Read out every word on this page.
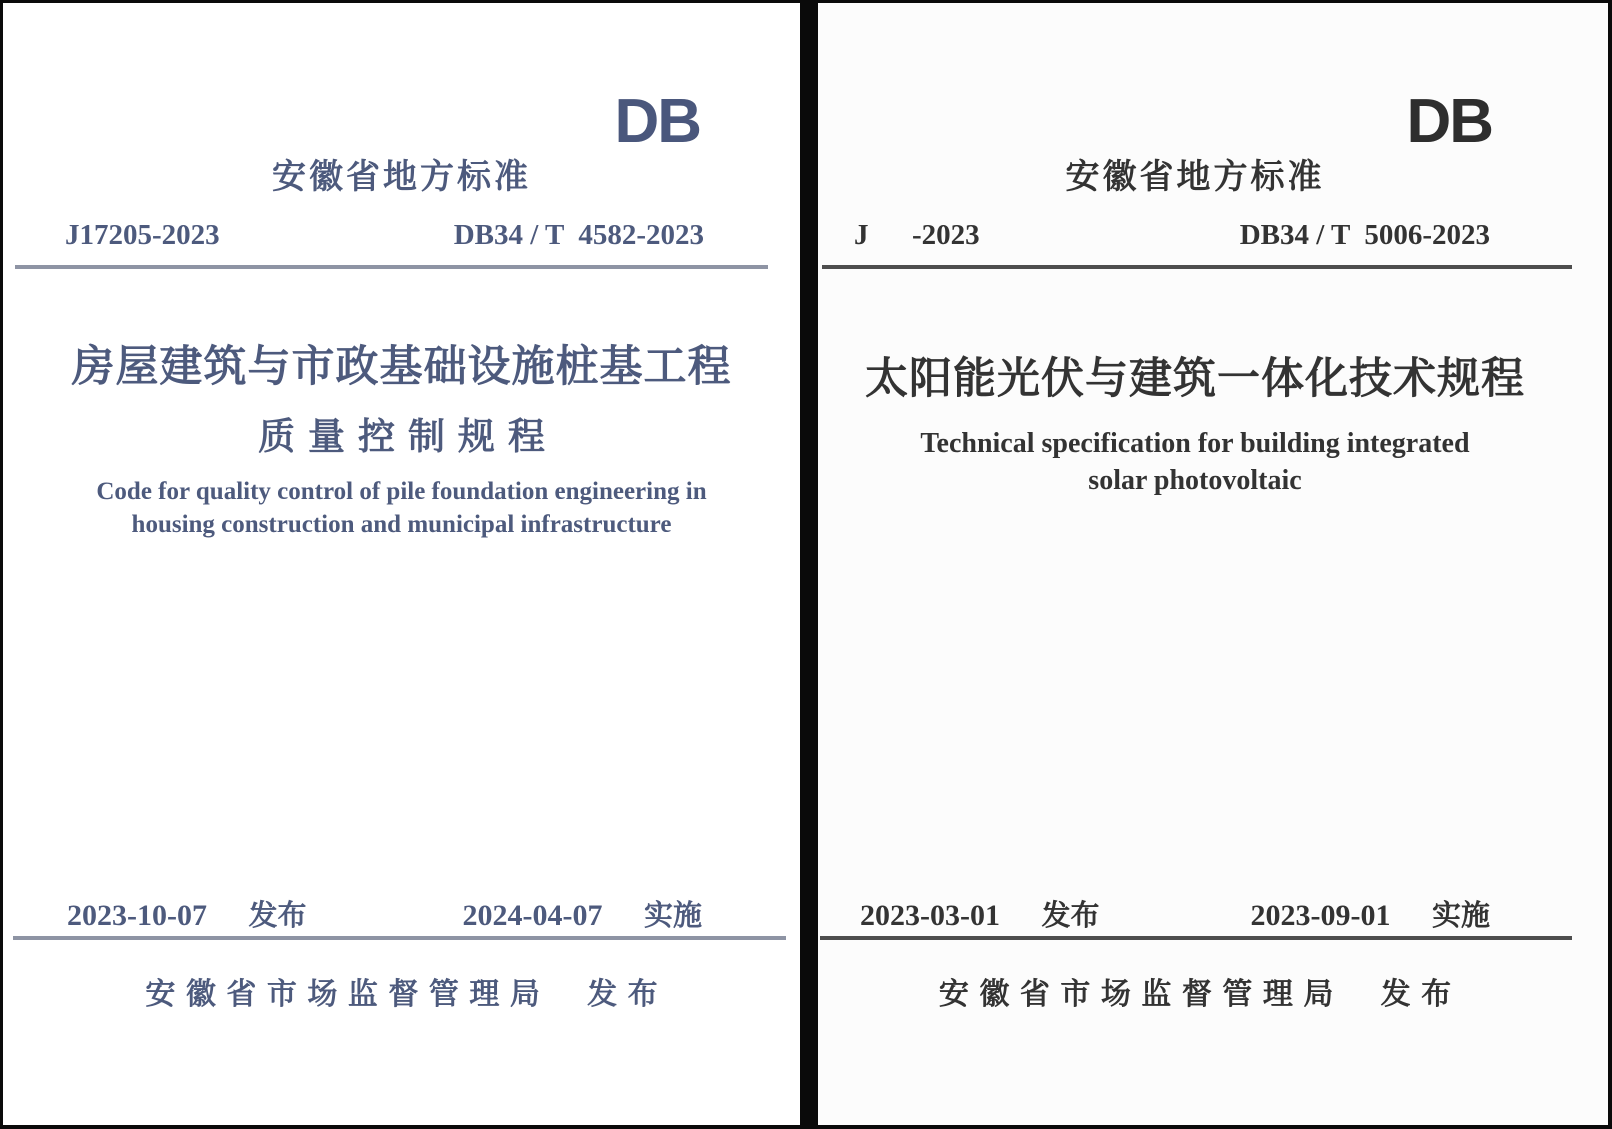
DB
安徽省地方标准
J17205-2023	DB34 / T  4582-2023
房屋建筑与市政基础设施桩基工程
质量控制规程
Code for quality control of pile foundation engineering in
housing construction and municipal infrastructure
2023-10-07 发布	2024-04-07 实施
安徽省市场监督管理局 发布
DB
安徽省地方标准
J      -2023	DB34 / T  5006-2023
太阳能光伏与建筑一体化技术规程
Technical specification for building integrated
solar photovoltaic
2023-03-01 发布	2023-09-01 实施
安徽省市场监督管理局 发布
